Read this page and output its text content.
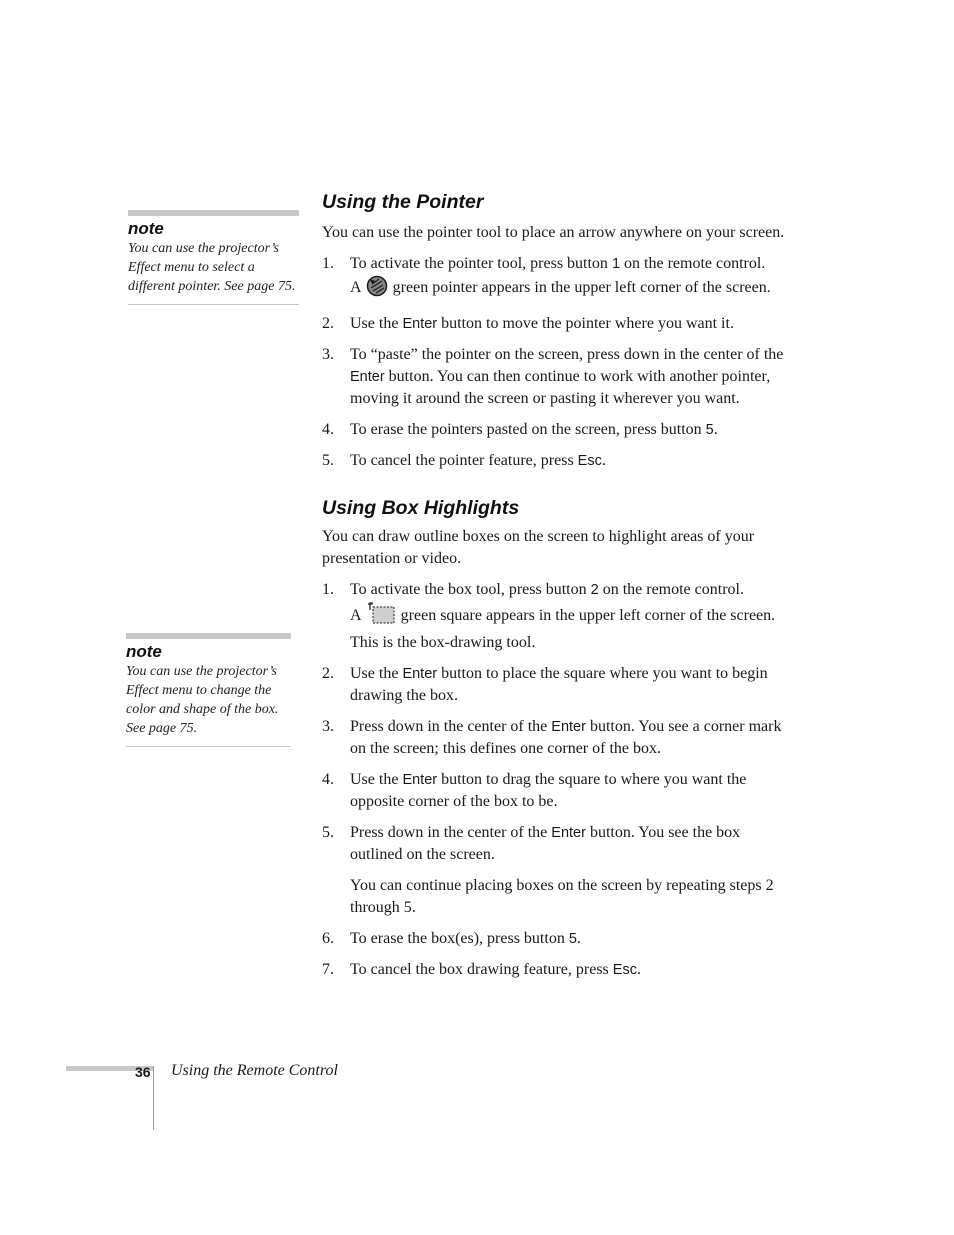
note

You can use the projector’s
Effect menu to select a
different pointer. See page 75.

note

You can use the projector’s
Effect menu to change the
color and shape of the box.
See page 75.

Using the Pointer

You can use the pointer tool to place an arrow anywhere on your screen.

1. To activate the pointer tool, press button 1 on the remote control.
A  green pointer appears in the upper left corner of the screen.
2. Use the Enter button to move the pointer where you want it.
3. To “paste” the pointer on the screen, press down in the center of the Enter button. You can then continue to work with another pointer, moving it around the screen or pasting it wherever you want.
4. To erase the pointers pasted on the screen, press button 5.
5. To cancel the pointer feature, press Esc.
Using Box Highlights

You can draw outline boxes on the screen to highlight areas of your presentation or video.

1. To activate the box tool, press button 2 on the remote control.
A  green square appears in the upper left corner of the screen. This is the box-drawing tool.
2. Use the Enter button to place the square where you want to begin drawing the box.
3. Press down in the center of the Enter button. You see a corner mark on the screen; this defines one corner of the box.
4. Use the Enter button to drag the square to where you want the opposite corner of the box to be.
5. Press down in the center of the Enter button. You see the box outlined on the screen.

You can continue placing boxes on the screen by repeating steps 2 through 5.

6. To erase the box(es), press button 5.
7. To cancel the box drawing feature, press Esc.
36 Using the Remote Control
